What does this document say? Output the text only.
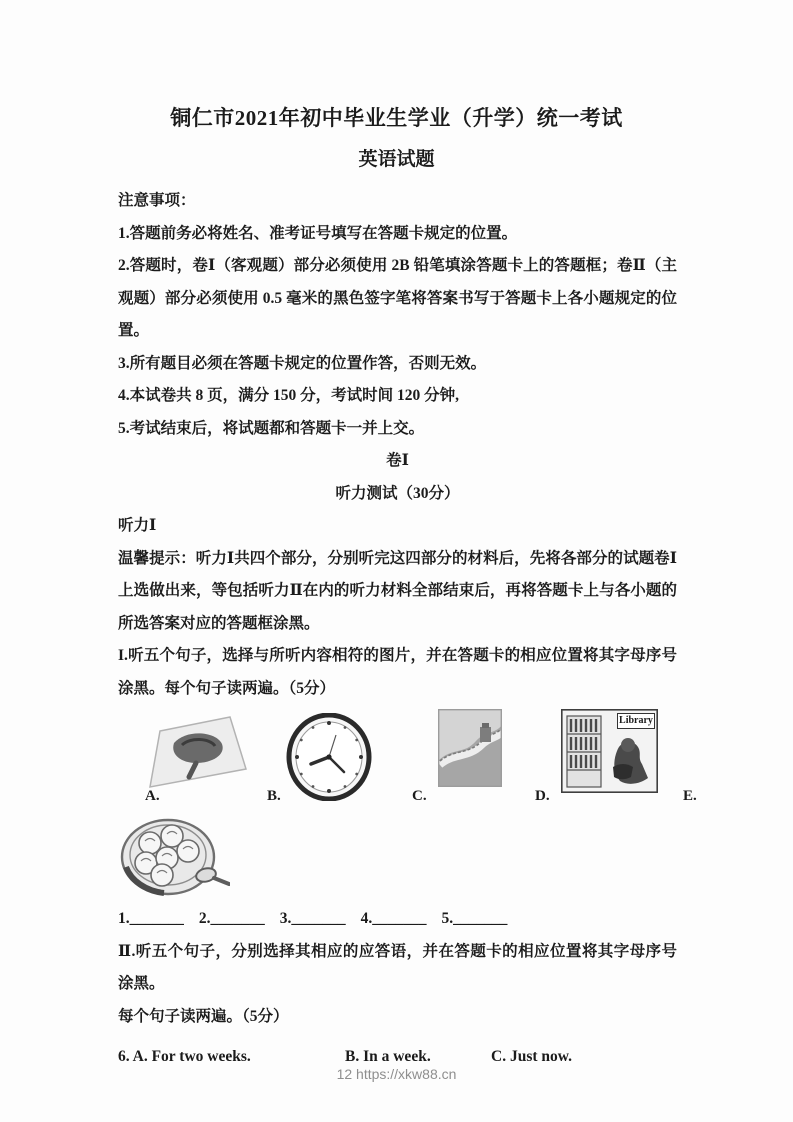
铜仁市2021年初中毕业生学业（升学）统一考试
英语试题

注意事项：

1.答题前务必将姓名、准考证号填写在答题卡规定的位置。

2.答题时，卷Ⅰ（客观题）部分必须使用 2B 铅笔填涂答题卡上的答题框；卷Ⅱ（主观题）部分必须使用 0.5 毫米的黑色签字笔将答案书写于答题卡上各小题规定的位置。

3.所有题目必须在答题卡规定的位置作答，否则无效。

4.本试卷共 8 页，满分 150 分，考试时间 120 分钟,

5.考试结束后，将试题都和答题卡一并上交。

卷Ⅰ

听力测试（30分）

听力Ⅰ

温馨提示：听力Ⅰ共四个部分，分别听完这四部分的材料后，先将各部分的试题卷Ⅰ上选做出来，等包括听力Ⅱ在内的听力材料全部结束后，再将答题卡上与各小题的所选答案对应的答题框涂黑。

I.听五个句子，选择与所听内容相符的图片，并在答题卡的相应位置将其字母序号涂黑。每个句子读两遍。（5分）

Library
A.	B.	C.	D.	E.
1._______ 2._______ 3._______ 4._______ 5._______

Ⅱ.听五个句子，分别选择其相应的应答语，并在答题卡的相应位置将其字母序号涂黑。

每个句子读两遍。（5分）

6. A. For two weeks.	B. In a week.	C. Just now.
12 https://xkw88.cn
